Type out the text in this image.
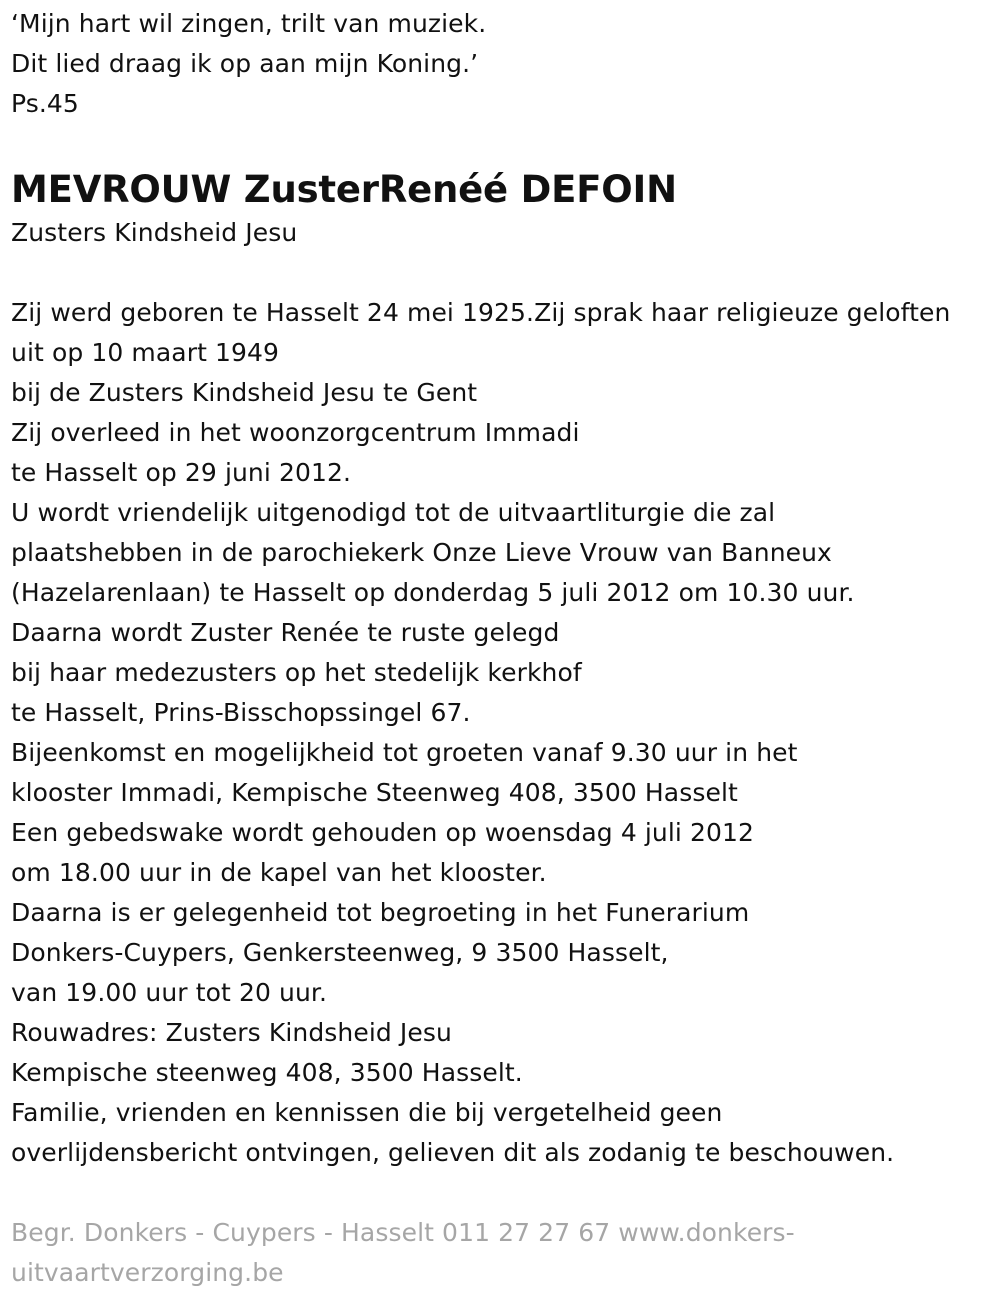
‘Mijn hart wil zingen, trilt van muziek.
Dit lied draag ik op aan mijn Koning.’
Ps.45
MEVROUW ZusterRenéé DEFOIN
Zusters Kindsheid Jesu
Zij werd geboren te Hasselt 24 mei 1925.Zij sprak haar religieuze geloften
uit op 10 maart 1949
bij de Zusters Kindsheid Jesu te Gent
Zij overleed in het woonzorgcentrum Immadi
te Hasselt op 29 juni 2012.
U wordt vriendelijk uitgenodigd tot de uitvaartliturgie die zal
plaatshebben in de parochiekerk Onze Lieve Vrouw van Banneux
(Hazelarenlaan) te Hasselt op donderdag 5 juli 2012 om 10.30 uur.
Daarna wordt Zuster Renée te ruste gelegd
bij haar medezusters op het stedelijk kerkhof
te Hasselt, Prins-Bisschopssingel 67.
Bijeenkomst en mogelijkheid tot groeten vanaf 9.30 uur in het
klooster Immadi, Kempische Steenweg 408, 3500 Hasselt
Een gebedswake wordt gehouden op woensdag 4 juli 2012
om 18.00 uur in de kapel van het klooster.
Daarna is er gelegenheid tot begroeting in het Funerarium
Donkers-Cuypers, Genkersteenweg, 9 3500 Hasselt,
van 19.00 uur tot 20 uur.
Rouwadres: Zusters Kindsheid Jesu
Kempische steenweg 408, 3500 Hasselt.
Familie, vrienden en kennissen die bij vergetelheid geen
overlijdensbericht ontvingen, gelieven dit als zodanig te beschouwen.
Begr. Donkers - Cuypers - Hasselt 011 27 27 67 www.donkers-
uitvaartverzorging.be
